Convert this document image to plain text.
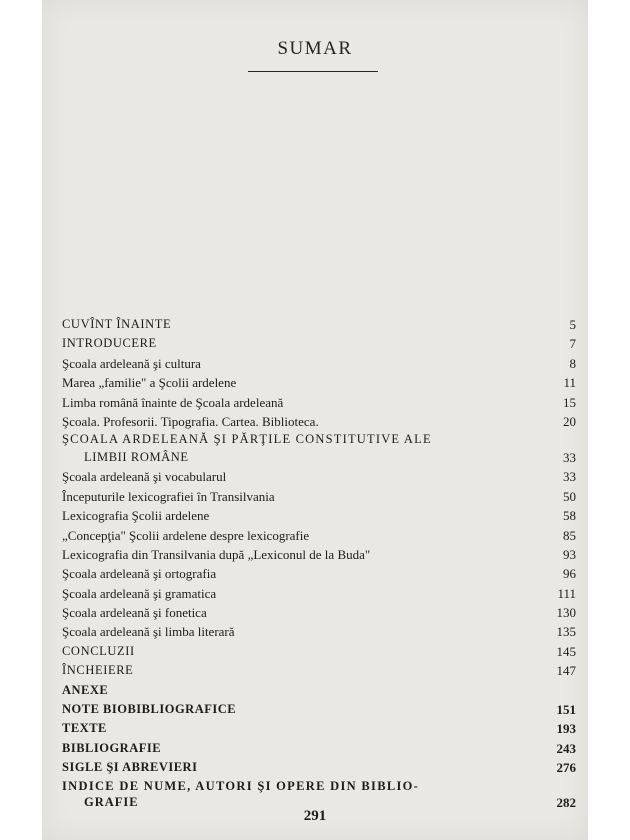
SUMAR
CUVÎNT ÎNAINTE	5
INTRODUCERE	7
Şcoala ardeleană şi cultura	8
Marea „familie" a Şcolii ardelene	11
Limba română înainte de Şcoala ardeleană	15
Şcoala. Profesorii. Tipografia. Cartea. Biblioteca.	20
ŞCOALA ARDELEANĂ ŞI PĂRŢILE CONSTITUTIVE ALE
LIMBII ROMÂNE	33
Şcoala ardeleană şi vocabularul	33
Începuturile lexicografiei în Transilvania	50
Lexicografia Şcolii ardelene	58
„Concepţia" Şcolii ardelene despre lexicografie	85
Lexicografia din Transilvania după „Lexiconul de la Buda"	93
Şcoala ardeleană şi ortografia	96
Şcoala ardeleană şi gramatica	111
Şcoala ardeleană şi fonetica	130
Şcoala ardeleană şi limba literară	135
CONCLUZII	145
ÎNCHEIERE	147
ANEXE
NOTE BIOBIBLIOGRAFICE	151
TEXTE	193
BIBLIOGRAFIE	243
SIGLE ŞI ABREVIERI	276
INDICE DE NUME, AUTORI ŞI OPERE DIN BIBLIO-
GRAFIE	282
291
